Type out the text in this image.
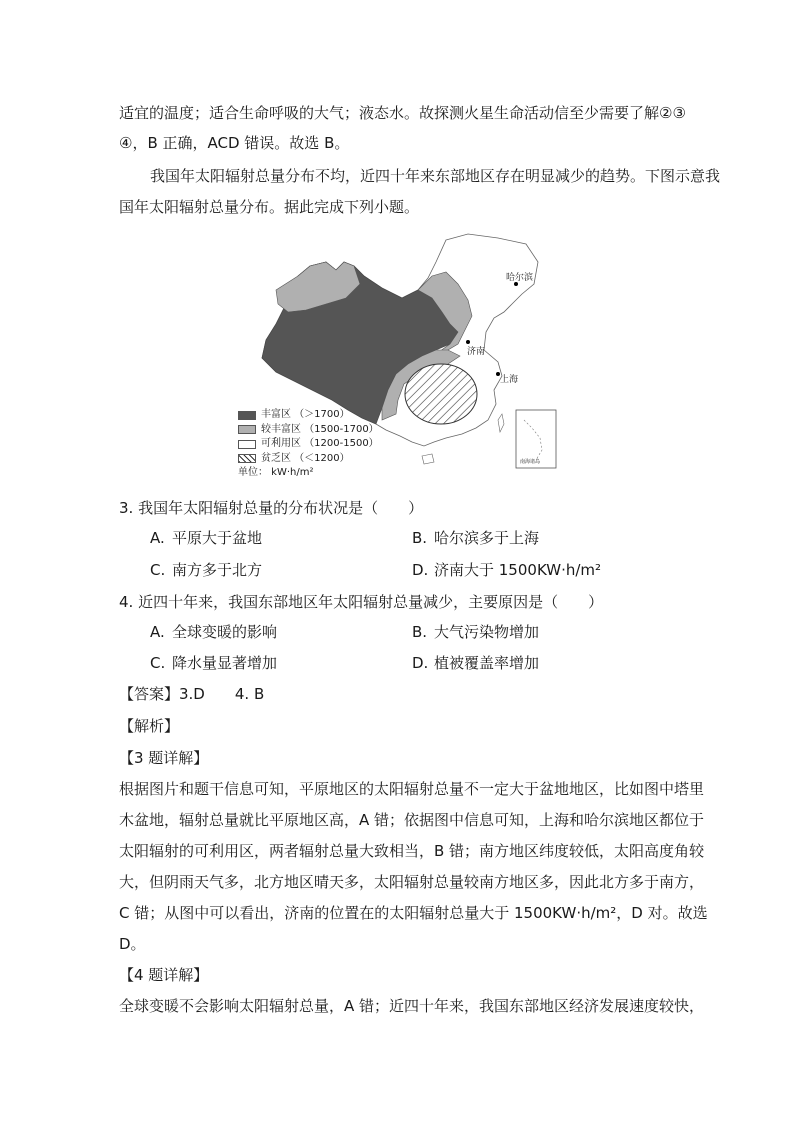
适宜的温度；适合生命呼吸的大气；液态水。故探测火星生命活动信至少需要了解②③
④，B 正确，ACD 错误。故选 B。
我国年太阳辐射总量分布不均，近四十年来东部地区存在明显减少的趋势。下图示意我
国年太阳辐射总量分布。据此完成下列小题。
哈尔滨
济南
上海
南海诸岛
丰富区 （＞1700）
较丰富区 （1500-1700）
可利用区 （1200-1500）
贫乏区 （＜1200）
单位： kW·h/m²
3. 我国年太阳辐射总量的分布状况是（　　）
A. 平原大于盆地	B. 哈尔滨多于上海
C. 南方多于北方	D. 济南大于 1500KW·h/m²
4. 近四十年来，我国东部地区年太阳辐射总量减少，主要原因是（　　）
A. 全球变暖的影响	B. 大气污染物增加
C. 降水量显著增加	D. 植被覆盖率增加
【答案】3.D　　4. B
【解析】
【3 题详解】
根据图片和题干信息可知，平原地区的太阳辐射总量不一定大于盆地地区，比如图中塔里
木盆地，辐射总量就比平原地区高，A 错；依据图中信息可知，上海和哈尔滨地区都位于
太阳辐射的可利用区，两者辐射总量大致相当，B 错；南方地区纬度较低，太阳高度角较
大，但阴雨天气多，北方地区晴天多，太阳辐射总量较南方地区多，因此北方多于南方，
C 错；从图中可以看出，济南的位置在的太阳辐射总量大于 1500KW·h/m²，D 对。故选
D。
【4 题详解】
全球变暖不会影响太阳辐射总量，A 错；近四十年来，我国东部地区经济发展速度较快，
